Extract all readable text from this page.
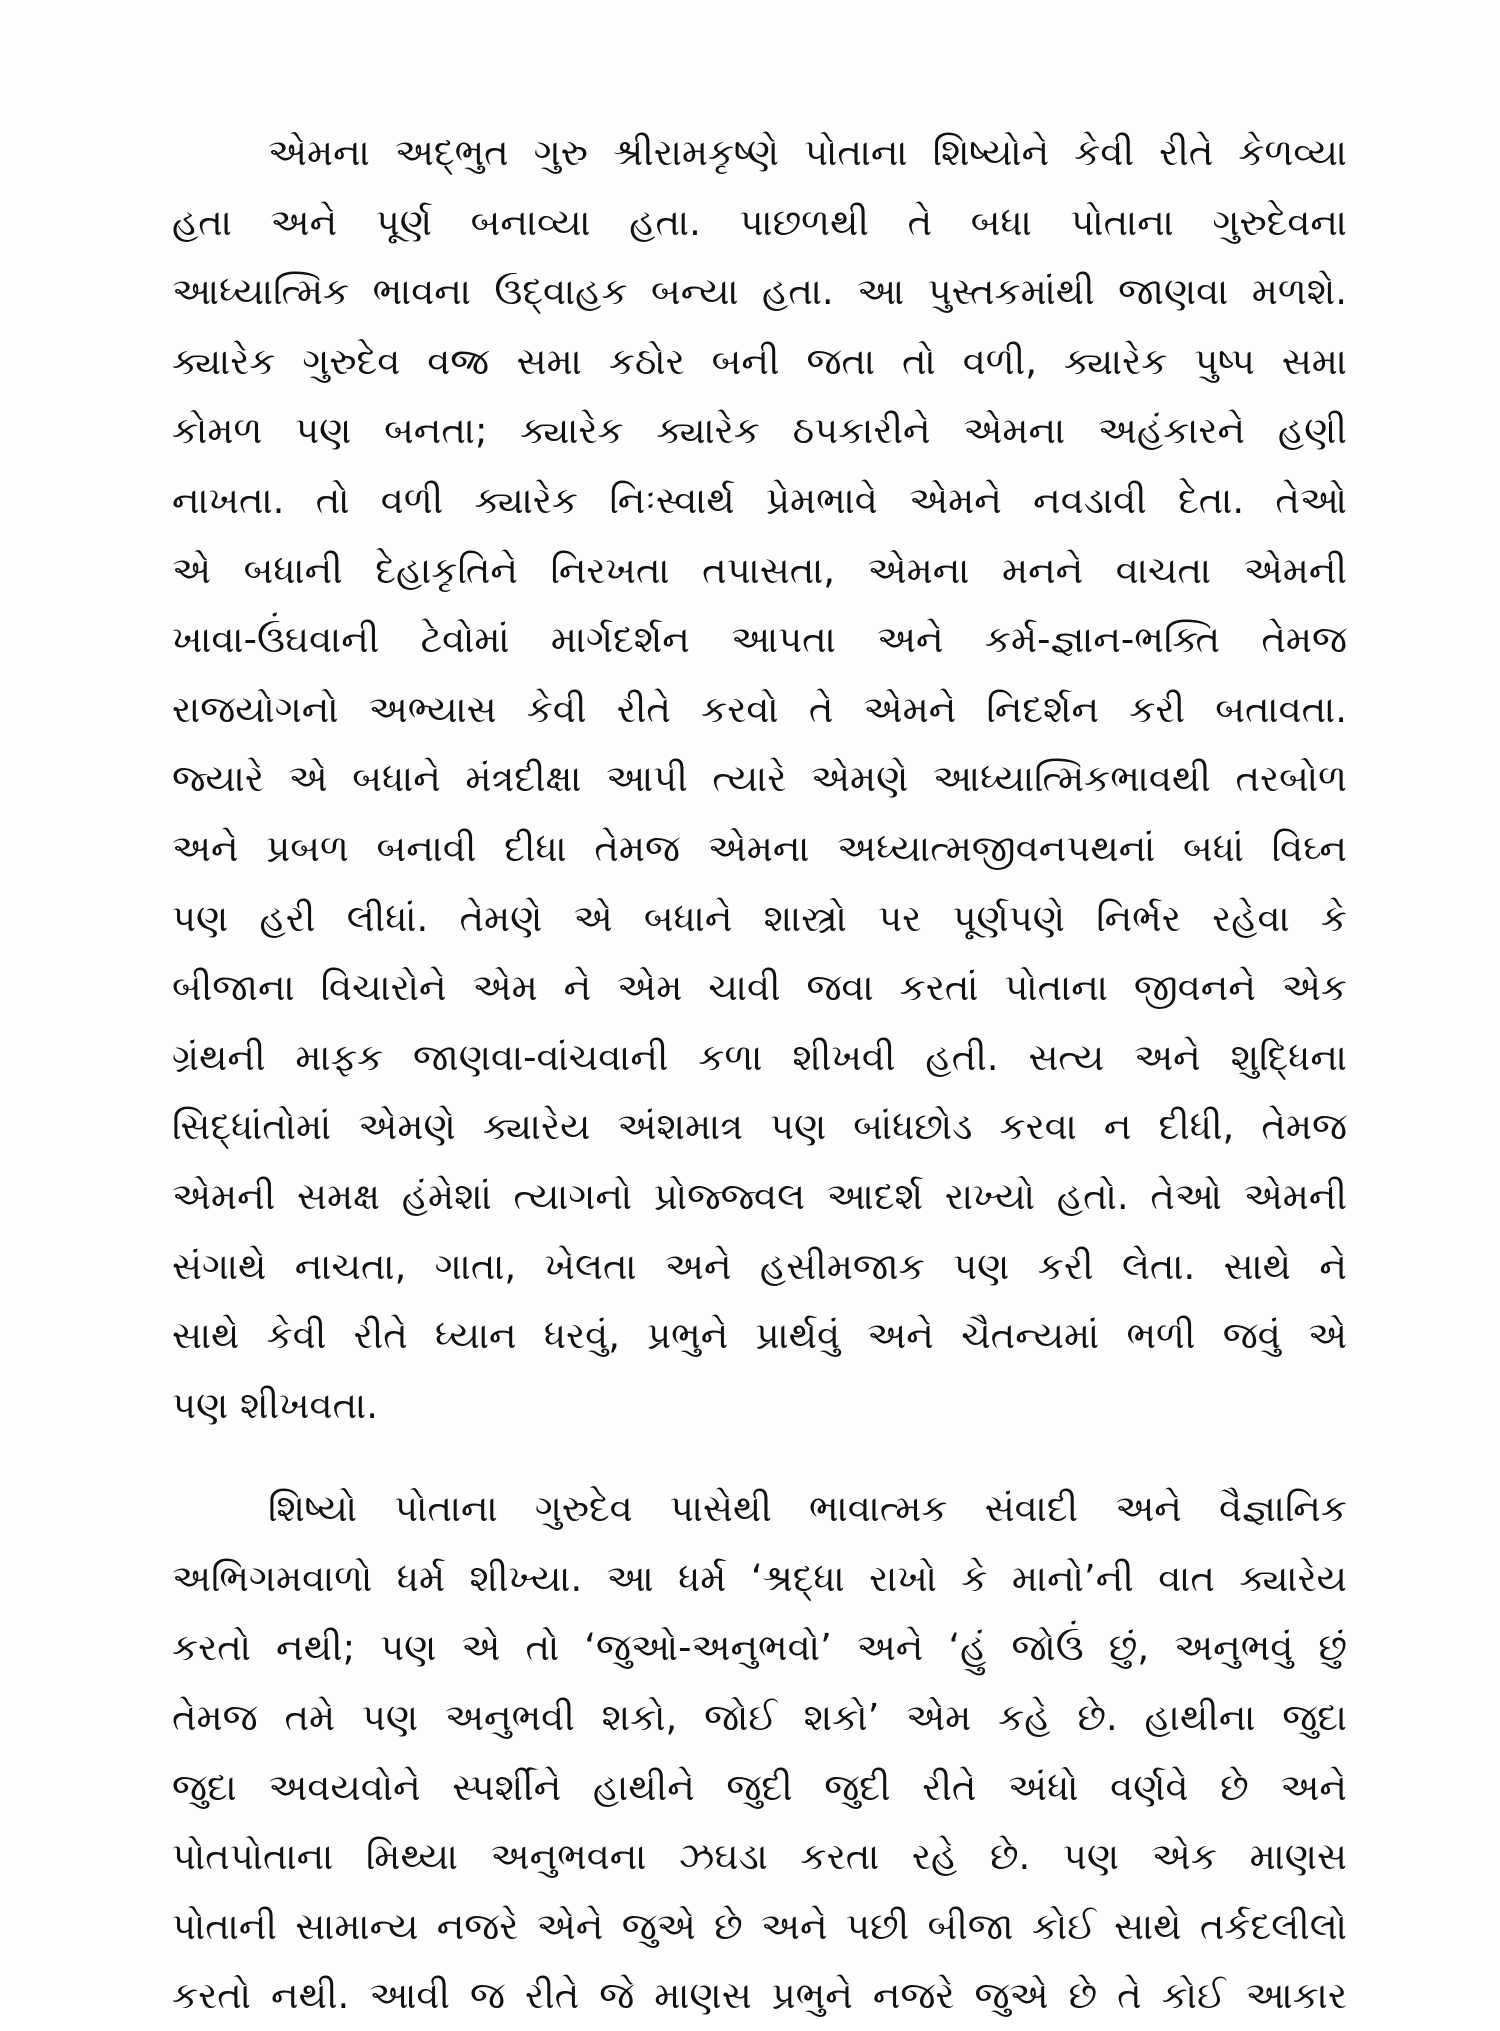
એમના અદ્‌ભુત ગુરુ શ્રીરામકૃષ્ણે પોતાના શિષ્યોને કેવી રીતે કેળવ્યા
હતા અને પૂર્ણ બનાવ્યા હતા. પાછળથી તે બધા પોતાના ગુરુદેવના
આધ્યાત્મિક ભાવના ઉદ્‌વાહક બન્યા હતા. આ પુસ્તકમાંથી જાણવા મળશે.
ક્યારેક ગુરુદેવ વજ્ર સમા કઠોર બની જતા તો વળી, ક્યારેક પુષ્પ સમા
કોમળ પણ બનતા; ક્યારેક ક્યારેક ઠપકારીને એમના અહંકારને હણી
નાખતા. તો વળી ક્યારેક નિઃસ્વાર્થ પ્રેમભાવે એમને નવડાવી દેતા. તેઓ
એ બધાની દેહાકૃતિને નિરખતા તપાસતા, એમના મનને વાચતા એમની
ખાવા-ઉંઘવાની ટેવોમાં માર્ગદર્શન આપતા અને કર્મ-જ્ઞાન-ભક્તિ તેમજ
રાજયોગનો અભ્યાસ કેવી રીતે કરવો તે એમને નિદર્શન કરી બતાવતા.
જ્યારે એ બધાને મંત્રદીક્ષા આપી ત્યારે એમણે આધ્યાત્મિકભાવથી તરબોળ
અને પ્રબળ બનાવી દીધા તેમજ એમના અધ્યાત્મજીવનપથનાં બધાં વિઘ્ન
પણ હરી લીધાં. તેમણે એ બધાને શાસ્ત્રો પર પૂર્ણપણે નિર્ભર રહેવા કે
બીજાના વિચારોને એમ ને એમ ચાવી જવા કરતાં પોતાના જીવનને એક
ગ્રંથની માફક જાણવા-વાંચવાની કળા શીખવી હતી. સત્ય અને શુદ્ધિના
સિદ્ધાંતોમાં એમણે ક્યારેય અંશમાત્ર પણ બાંધછોડ કરવા ન દીધી, તેમજ
એમની સમક્ષ હંમેશાં ત્યાગનો પ્રોજ્જ્વલ આદર્શ રાખ્યો હતો. તેઓ એમની
સંગાથે નાચતા, ગાતા, ખેલતા અને હસીમજાક પણ કરી લેતા. સાથે ને
સાથે કેવી રીતે ધ્યાન ધરવું, પ્રભુને પ્રાર્થવું અને ચૈતન્યમાં ભળી જવું એ
પણ શીખવતા.
શિષ્યો પોતાના ગુરુદેવ પાસેથી ભાવાત્મક સંવાદી અને વૈજ્ઞાનિક
અભિગમવાળો ધર્મ શીખ્યા. આ ધર્મ ‘શ્રદ્ધા રાખો કે માનો’ની વાત ક્યારેય
કરતો નથી; પણ એ તો ‘જુઓ-અનુભવો’ અને ‘હું જોઉં છું, અનુભવું છું
તેમજ તમે પણ અનુભવી શકો, જોઈ શકો’ એમ કહે છે. હાથીના જુદા
જુદા અવયવોને સ્પર્શીને હાથીને જુદી જુદી રીતે અંધો વર્ણવે છે અને
પોતપોતાના મિથ્યા અનુભવના ઝઘડા કરતા રહે છે. પણ એક માણસ
પોતાની સામાન્ય નજરે એને જુએ છે અને પછી બીજા કોઈ સાથે તર્કદલીલો
કરતો નથી. આવી જ રીતે જે માણસ પ્રભુને નજરે જુએ છે તે કોઈ આકાર
